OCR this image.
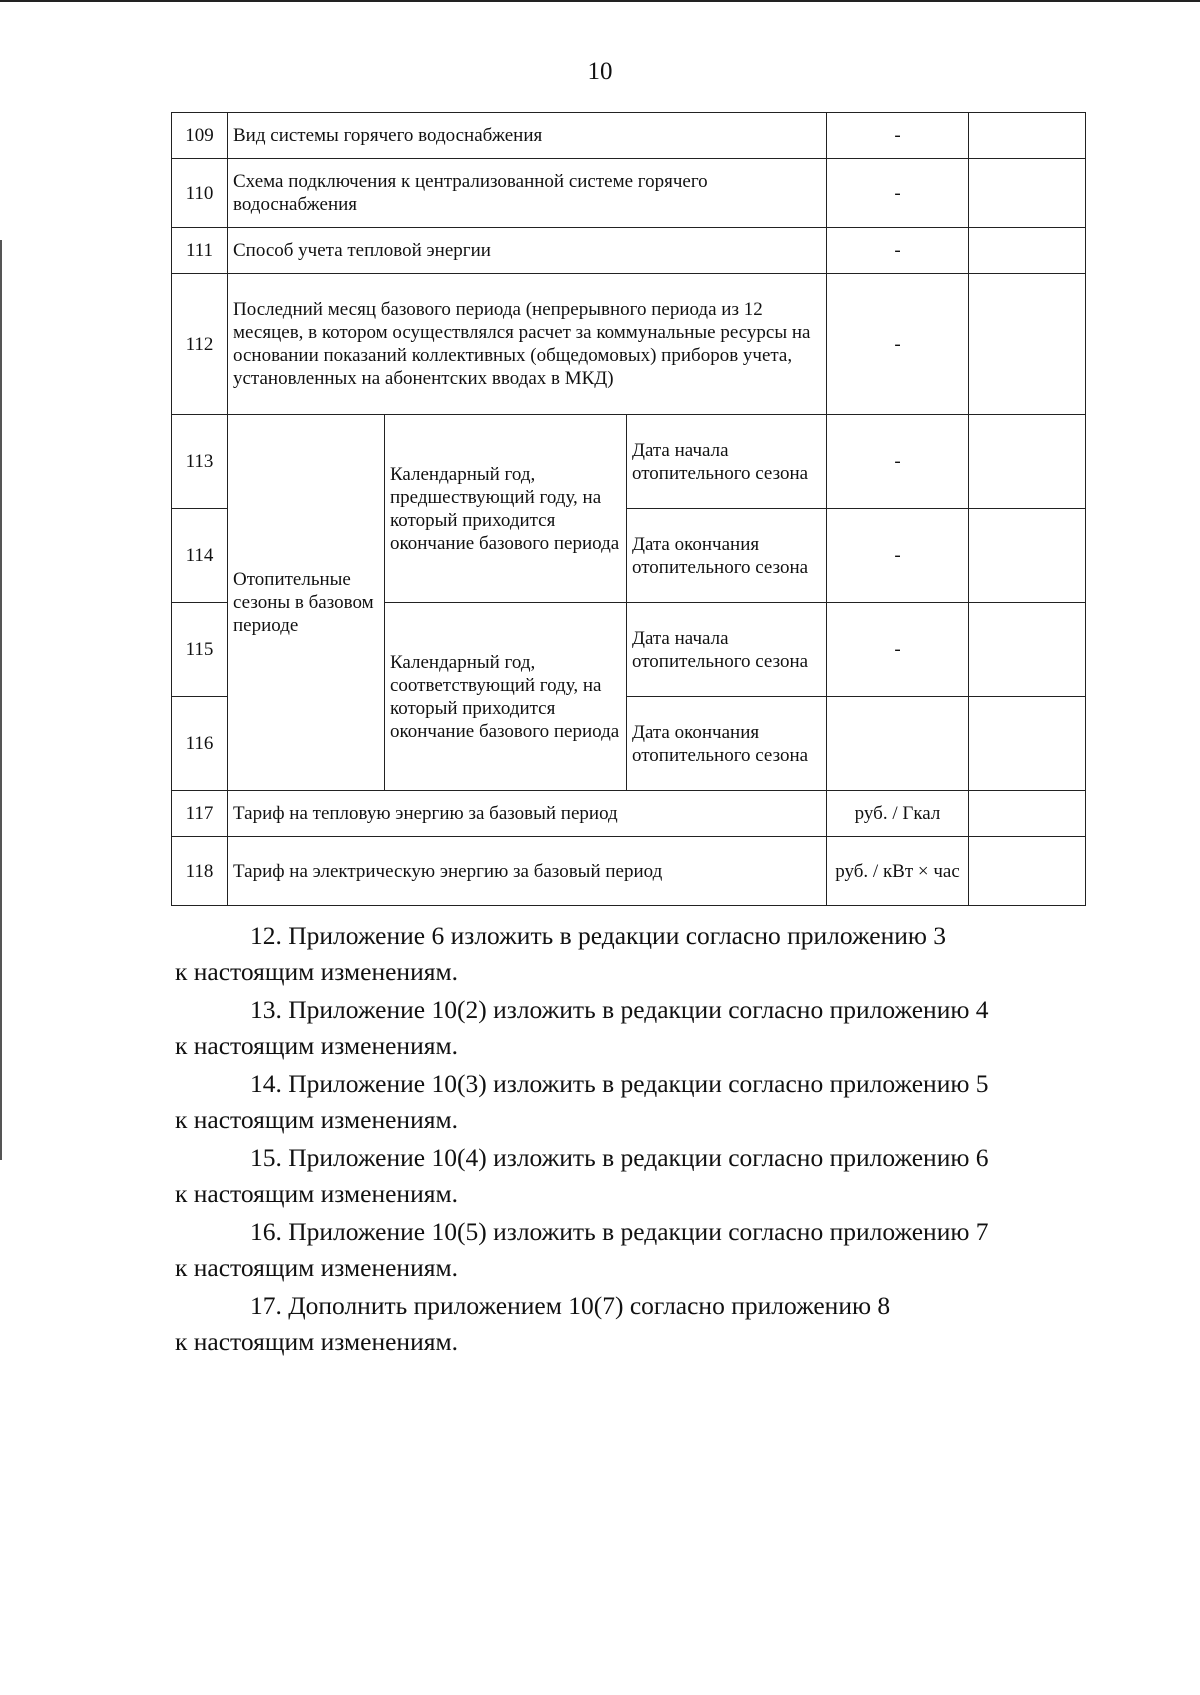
10
109	Вид системы горячего водоснабжения			-	
110	Схема подключения к централизованной системе горячего водоснабжения			-	
111	Способ учета тепловой энергии			-	
112	Последний месяц базового периода (непрерывного периода из 12 месяцев, в котором осуществлялся расчет за коммунальные ресурсы на основании показаний коллективных (общедомовых) приборов учета, установленных на абонентских вводах в МКД)			-	
113	Отопительные сезоны в базовом периоде	Календарный год, предшествующий году, на который приходится окончание базового периода	Дата начала отопительного сезона	-	
114			Дата окончания отопительного сезона	-	
115		Календарный год, соответствующий году, на который приходится окончание базового периода	Дата начала отопительного сезона	-	
116			Дата окончания отопительного сезона		
117	Тариф на тепловую энергию за базовый период			руб. / Гкал	
118	Тариф на электрическую энергию за базовый период			руб. / кВт × час	

12. Приложение 6 изложить в редакции согласно приложению 3

к настоящим изменениям.

13. Приложение 10(2) изложить в редакции согласно приложению 4

к настоящим изменениям.

14. Приложение 10(3) изложить в редакции согласно приложению 5

к настоящим изменениям.

15. Приложение 10(4) изложить в редакции согласно приложению 6

к настоящим изменениям.

16. Приложение 10(5) изложить в редакции согласно приложению 7

к настоящим изменениям.

17. Дополнить приложением 10(7) согласно приложению 8

к настоящим изменениям.
